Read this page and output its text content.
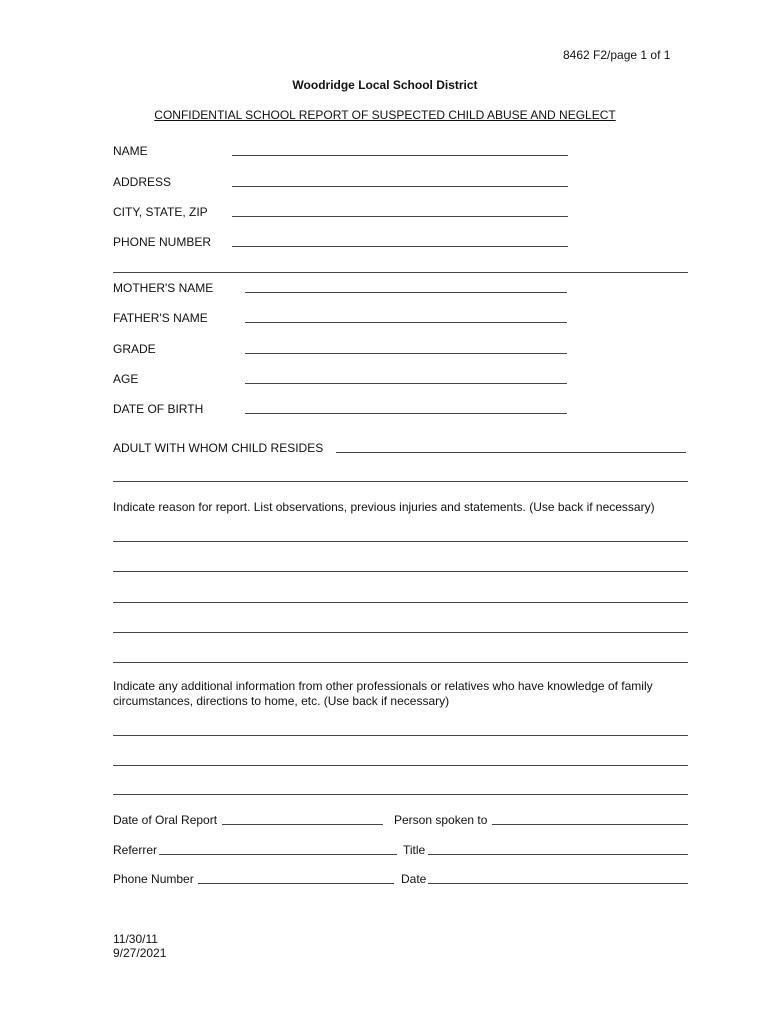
8462 F2/page 1 of 1
Woodridge Local School District
CONFIDENTIAL SCHOOL REPORT OF SUSPECTED CHILD ABUSE AND NEGLECT
NAME
ADDRESS
CITY, STATE, ZIP
PHONE NUMBER
MOTHER'S NAME
FATHER'S NAME
GRADE
AGE
DATE OF BIRTH
ADULT WITH WHOM CHILD RESIDES
Indicate reason for report. List observations, previous injuries and statements. (Use back if necessary)
Indicate any additional information from other professionals or relatives who have knowledge of family
circumstances, directions to home, etc. (Use back if necessary)
Date of Oral Report	Person spoken to
Referrer	Title
Phone Number	Date
11/30/11
9/27/2021
